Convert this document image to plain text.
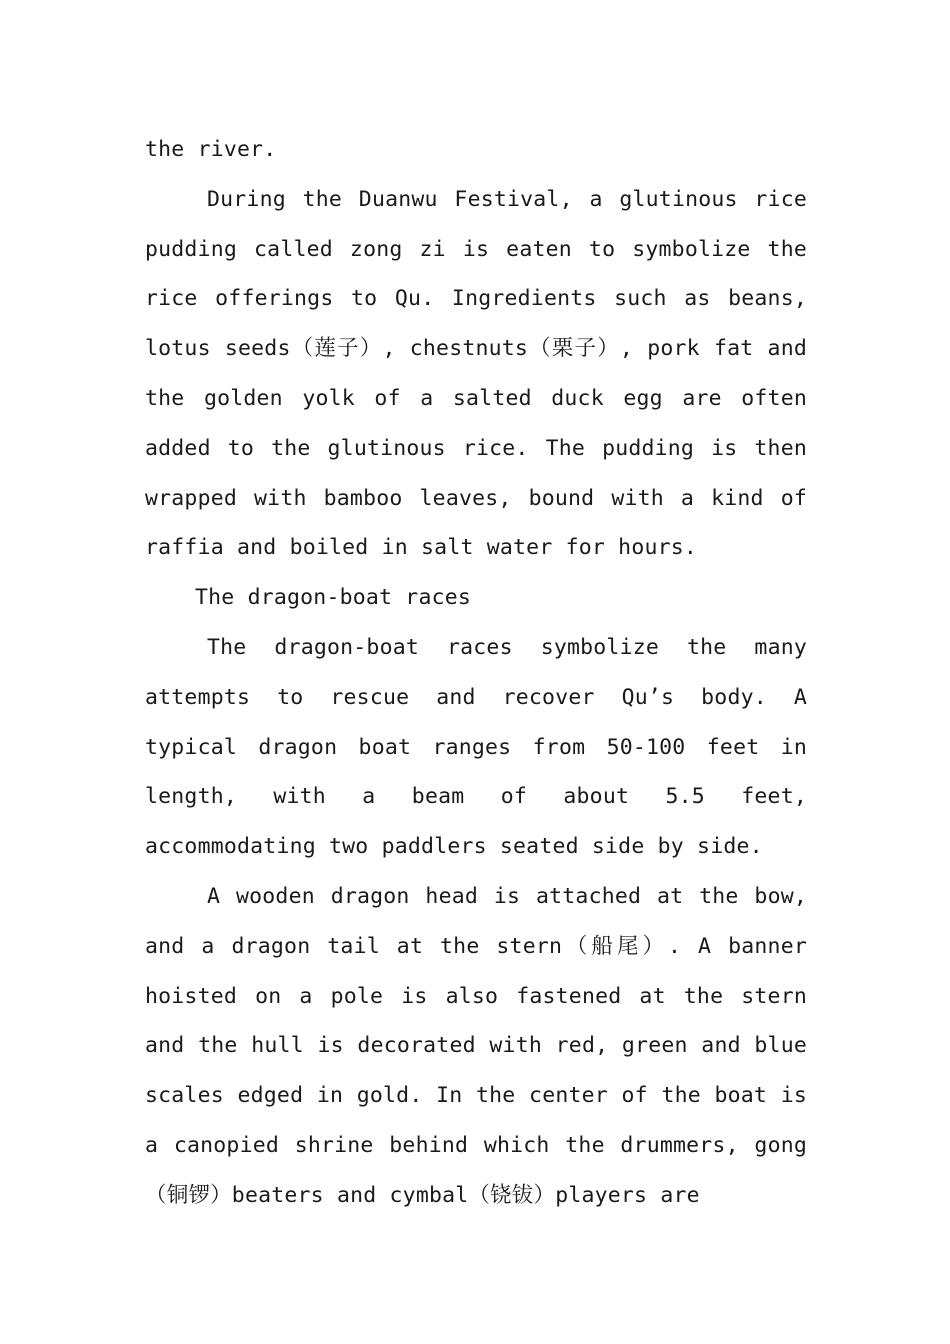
the river.

During the Duanwu Festival, a glutinous rice pudding called zong zi is eaten to symbolize the rice offerings to Qu. Ingredients such as beans, lotus seeds（莲子）, chestnuts（栗子）, pork fat and the golden yolk of a salted duck egg are often added to the glutinous rice. The pudding is then wrapped with bamboo leaves, bound with a kind of raffia and boiled in salt water for hours.

The dragon-boat races

The dragon-boat races symbolize the many attempts to rescue and recover Qu’s body. A typical dragon boat ranges from 50-100 feet in length, with a beam of about 5.5 feet, accommodating two paddlers seated side by side.

A wooden dragon head is attached at the bow, and a dragon tail at the stern（船尾）. A banner hoisted on a pole is also fastened at the stern and the hull is decorated with red, green and blue scales edged in gold. In the center of the boat is a canopied shrine behind which the drummers, gong（铜锣）beaters and cymbal（铙钹）players are
